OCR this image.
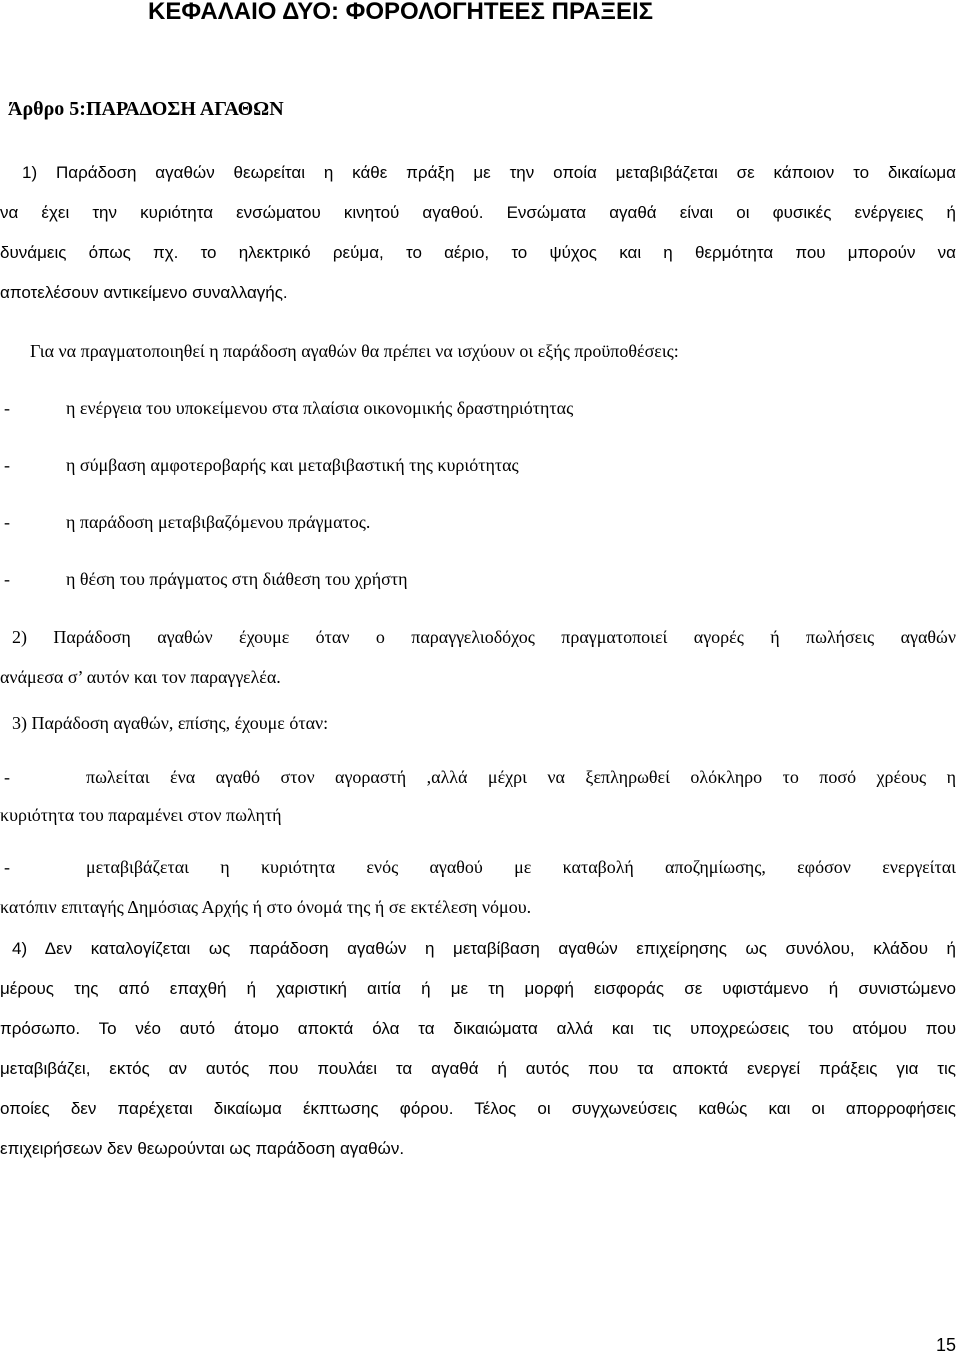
ΚΕΦΑΛΑΙΟ ΔΥΟ: ΦΟΡΟΛΟΓΗΤΕΕΣ ΠΡΑΞΕΙΣ
Άρθρο 5:ΠΑΡΑΔΟΣΗ ΑΓΑΘΩΝ
1) Παράδοση αγαθών θεωρείται η κάθε πράξη με την οποία μεταβιβάζεται σε κάποιον το δικαίωμα
να έχει την κυριότητα ενσώματου κινητού αγαθού. Ενσώματα αγαθά είναι οι φυσικές ενέργειες ή
δυνάμεις όπως πχ. το ηλεκτρικό ρεύμα, το αέριο, το ψύχος και η θερμότητα που μπορούν να
αποτελέσουν αντικείμενο συναλλαγής.
Για να πραγματοποιηθεί η παράδοση αγαθών θα πρέπει να ισχύουν οι εξής προϋποθέσεις:
-	η ενέργεια του υποκείμενου στα πλαίσια οικονομικής δραστηριότητας
-	η σύμβαση αμφοτεροβαρής και μεταβιβαστική της κυριότητας
-	η παράδοση μεταβιβαζόμενου πράγματος.
-	η θέση του πράγματος στη διάθεση του χρήστη
2) Παράδοση αγαθών έχουμε όταν ο παραγγελιοδόχος πραγματοποιεί αγορές ή πωλήσεις αγαθών
ανάμεσα σ’ αυτόν και τον παραγγελέα.
3) Παράδοση αγαθών, επίσης, έχουμε όταν:
-	πωλείται ένα αγαθό στον αγοραστή ,αλλά μέχρι να ξεπληρωθεί ολόκληρο το ποσό χρέους η
κυριότητα του παραμένει στον πωλητή
-	μεταβιβάζεται η κυριότητα ενός αγαθού με καταβολή αποζημίωσης, εφόσον ενεργείται
κατόπιν επιταγής Δημόσιας Αρχής ή στο όνομά της ή σε εκτέλεση νόμου.
4) Δεν καταλογίζεται ως παράδοση αγαθών η μεταβίβαση αγαθών επιχείρησης ως συνόλου, κλάδου ή
μέρους της από επαχθή ή χαριστική αιτία ή με τη μορφή εισφοράς σε υφιστάμενο ή συνιστώμενο
πρόσωπο. Το νέο αυτό άτομο αποκτά όλα τα δικαιώματα αλλά και τις υποχρεώσεις του ατόμου που
μεταβιβάζει, εκτός αν αυτός που πουλάει τα αγαθά ή αυτός που τα αποκτά ενεργεί πράξεις για τις
οποίες δεν παρέχεται δικαίωμα έκπτωσης φόρου. Τέλος οι συγχωνεύσεις καθώς και οι απορροφήσεις
επιχειρήσεων δεν θεωρούνται ως παράδοση αγαθών.
15
